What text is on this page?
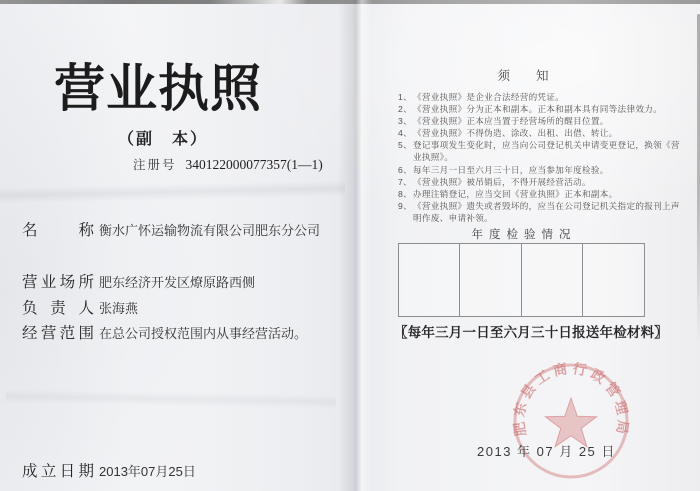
营业执照
（副　本）
注册号 340122000077357(1—1)
名	称 衡水广怀运输物流有限公司肥东分公司
营 业 场 所 肥东经济开发区燎原路西侧
负 责 人 张海燕
经 营 范 围 在总公司授权范围内从事经营活动。
成 立 日 期 2013年07月25日
须知
1、 《营业执照》是企业合法经营的凭证。
2、 《营业执照》分为正本和副本。正本和副本具有同等法律效力。
3、 《营业执照》正本应当置于经营场所的醒目位置。
4、 《营业执照》不得伪造、涂改、出租、出借、转让。
5、 登记事项发生变化时，应当向公司登记机关申请变更登记，换领《营业执照》。
6、 每年三月一日至六月三十日，应当参加年度检验。
7、 《营业执照》被吊销后，不得开展经营活动。
8、 办理注销登记，应当交回《营业执照》正本和副本。
9、 《营业执照》遗失或者毁坏的，应当在公司登记机关指定的报刊上声明作废、申请补领。
年度检验情况
〖每年三月一日至六月三十日报送年检材料〗
肥东县工商行政管理局
2013 年 07 月 25 日
